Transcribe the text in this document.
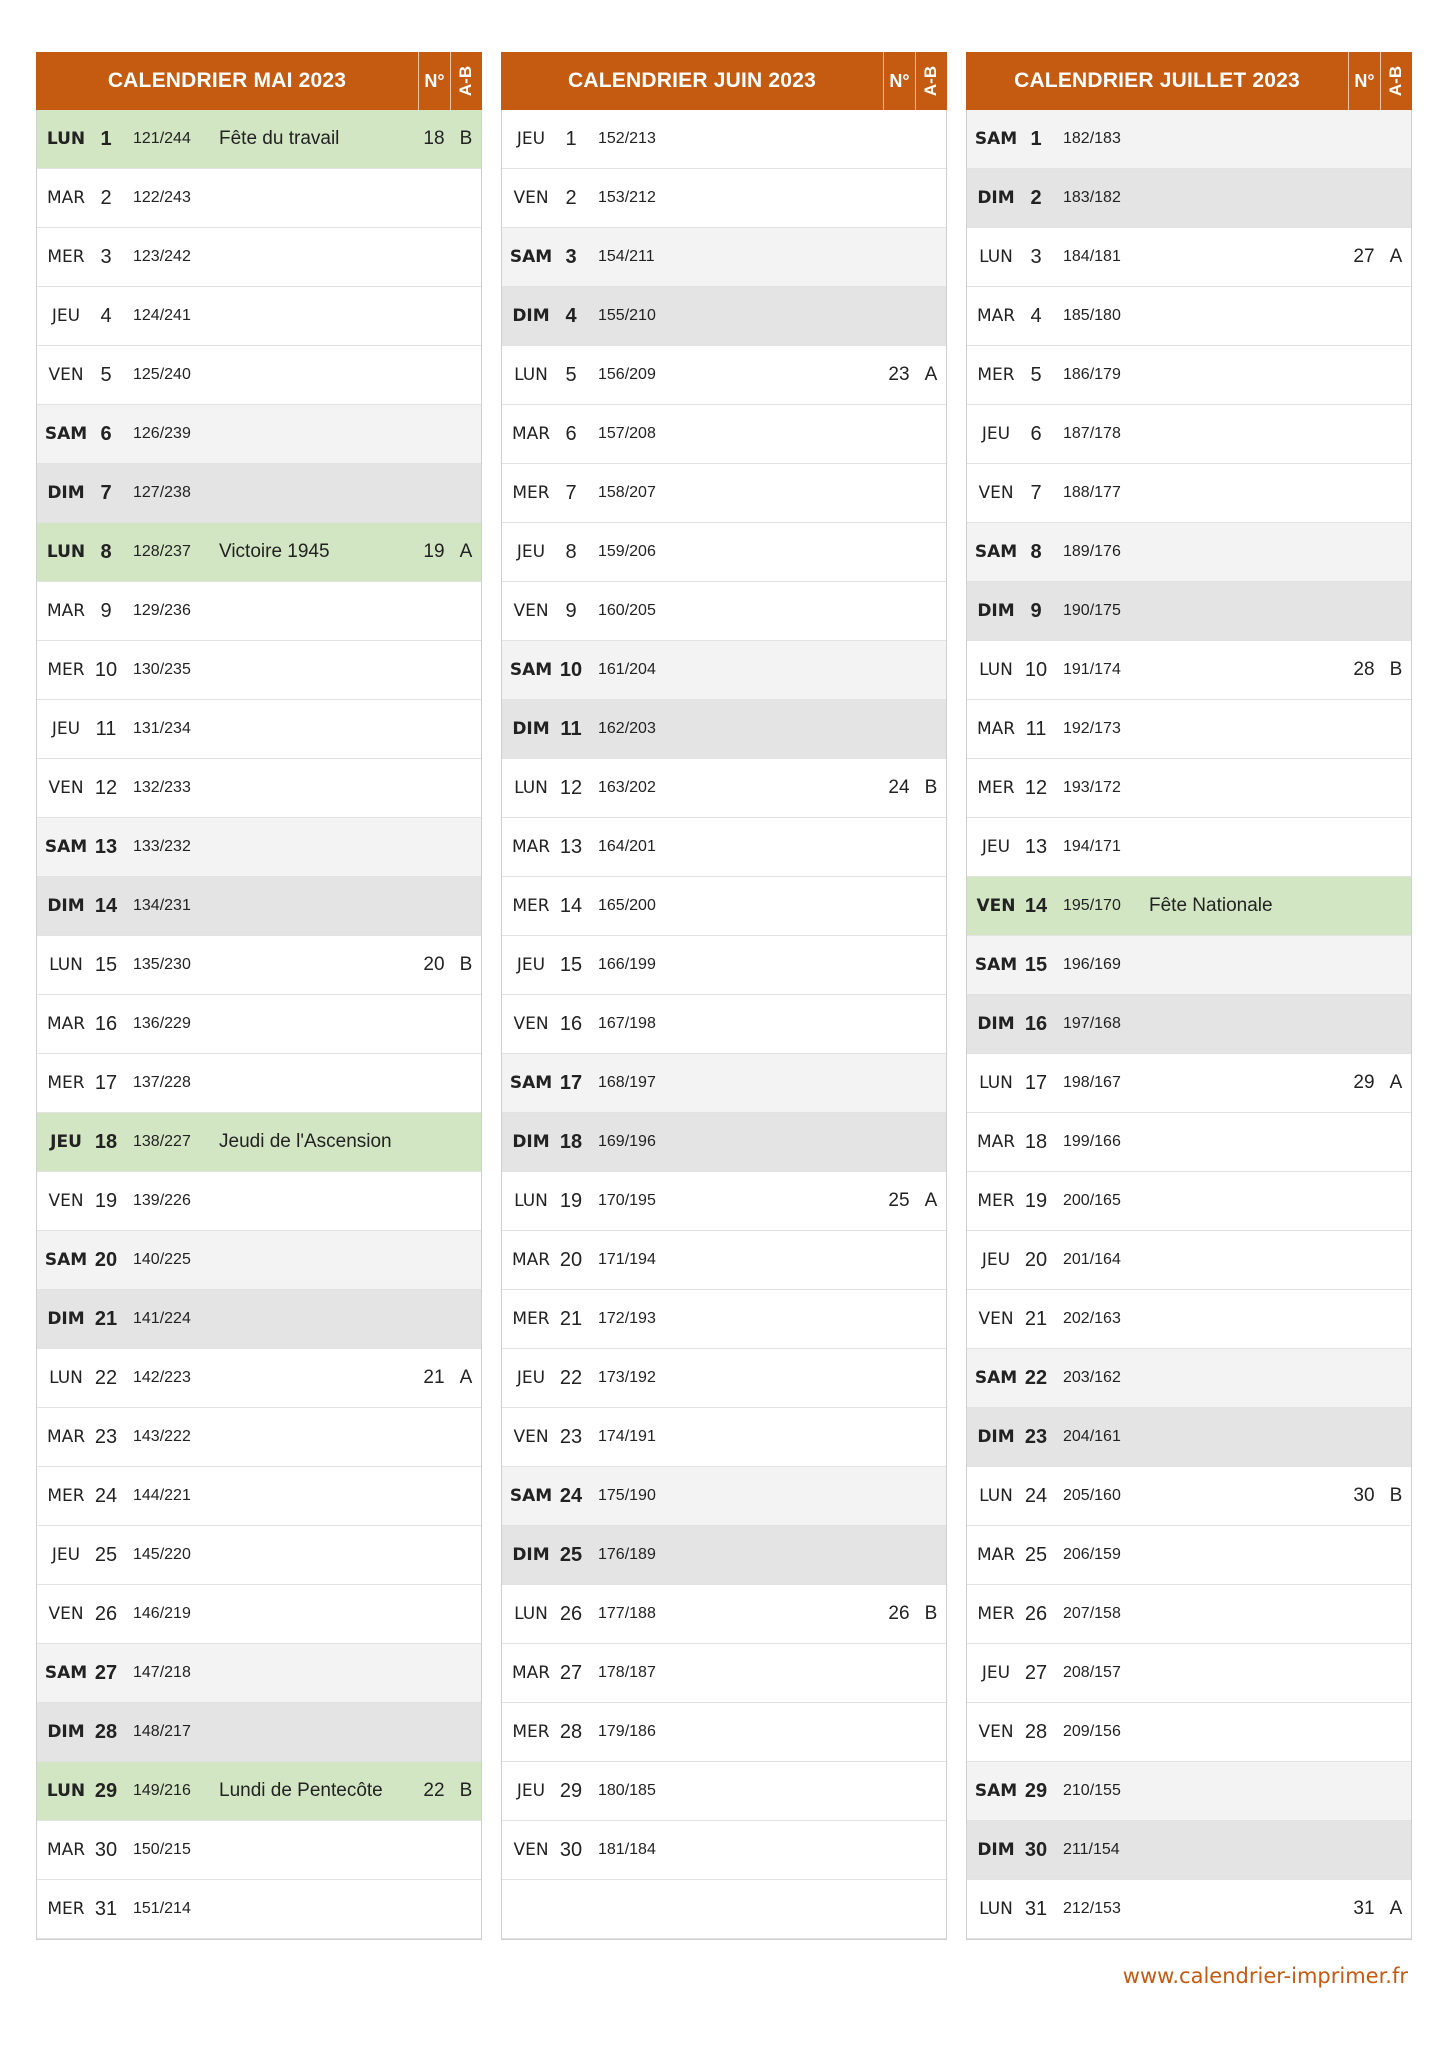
CALENDRIER MAI 2023	N° A-B
LUN 1	121/244	Fête du travail	18 B
MAR 2	122/243
MER 3	123/242
JEU	4	124/241
VEN 5	125/240
SAM 6	126/239
DIM 7	127/238
LUN 8	128/237	Victoire 1945	19 A
MAR 9	129/236
MER 10 130/235
JEU 11	131/234
VEN 12 132/233
SAM 13 133/232
DIM 14 134/231
LUN 15 135/230	20 B
MAR 16 136/229
MER 17 137/228
JEU 18 138/227	Jeudi de l'Ascension
VEN 19 139/226
SAM 20 140/225
DIM 21 141/224
LUN 22 142/223	21 A
MAR 23 143/222
MER 24 144/221
JEU 25 145/220
VEN 26 146/219
SAM 27 147/218
DIM 28 148/217
LUN 29 149/216	Lundi de Pentecôte	22 B
MAR 30 150/215
MER 31 151/214
CALENDRIER JUIN 2023	N° A-B
JEU	1	152/213
VEN 2	153/212
SAM 3	154/211
DIM 4	155/210
LUN 5	156/209	23 A
MAR 6	157/208
MER 7	158/207
JEU	8	159/206
VEN 9	160/205
SAM 10 161/204
DIM 11	162/203
LUN 12 163/202	24 B
MAR 13 164/201
MER 14 165/200
JEU 15 166/199
VEN 16 167/198
SAM 17 168/197
DIM 18 169/196
LUN 19 170/195	25 A
MAR 20 171/194
MER 21 172/193
JEU 22 173/192
VEN 23 174/191
SAM 24 175/190
DIM 25 176/189
LUN 26 177/188	26 B
MAR 27 178/187
MER 28 179/186
JEU 29 180/185
VEN 30 181/184
CALENDRIER JUILLET 2023	N° A-B
SAM 1	182/183
DIM 2	183/182
LUN 3	184/181	27 A
MAR 4	185/180
MER 5	186/179
JEU	6	187/178
VEN 7	188/177
SAM 8	189/176
DIM 9	190/175
LUN 10 191/174	28 B
MAR 11	192/173
MER 12 193/172
JEU 13 194/171
VEN 14 195/170	Fête Nationale
SAM 15 196/169
DIM 16 197/168
LUN 17 198/167	29 A
MAR 18 199/166
MER 19 200/165
JEU 20 201/164
VEN 21 202/163
SAM 22 203/162
DIM 23 204/161
LUN 24 205/160	30 B
MAR 25 206/159
MER 26 207/158
JEU 27 208/157
VEN 28 209/156
SAM 29 210/155
DIM 30 211/154
LUN 31 212/153	31 A
www.calendrier-imprimer.fr
